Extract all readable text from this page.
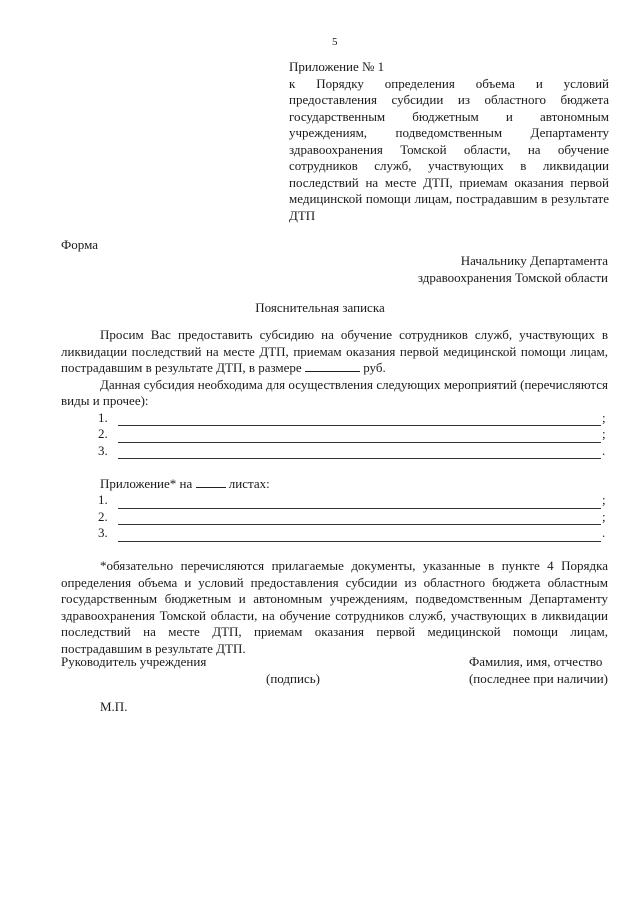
5
Приложение № 1
к Порядку определения объема и условий
предоставления субсидии из областного бюджета
государственным бюджетным и автономным
учреждениям, подведомственным Департаменту
здравоохранения Томской области, на обучение
сотрудников служб, участвующих в ликвидации
последствий на месте ДТП, приемам оказания первой
медицинской помощи лицам, пострадавшим в результате
ДТП
Форма
Начальнику Департамента
здравоохранения Томской области
Пояснительная записка

Просим Вас предоставить субсидию на обучение сотрудников служб, участвующих в ликвидации последствий на месте ДТП, приемам оказания первой медицинской помощи лицам, пострадавшим в результате ДТП, в размере	руб.

Данная субсидия необходима для осуществления следующих мероприятий (перечисляются виды и прочее):

1.	;
2.	;
3.	.

Приложение* на	листах:

1.	;
2.	;
3.	.

*обязательно перечисляются прилагаемые документы, указанные в пункте 4 Порядка определения объема и условий предоставления субсидии из областного бюджета областным государственным бюджетным и автономным учреждениям, подведомственным Департаменту здравоохранения Томской области, на обучение сотрудников служб, участвующих в ликвидации последствий на месте ДТП, приемам оказания первой медицинской помощи лицам, пострадавшим в результате ДТП.

Руководитель учреждения
(подпись)
Фамилия, имя, отчество
(последнее при наличии)
М.П.
